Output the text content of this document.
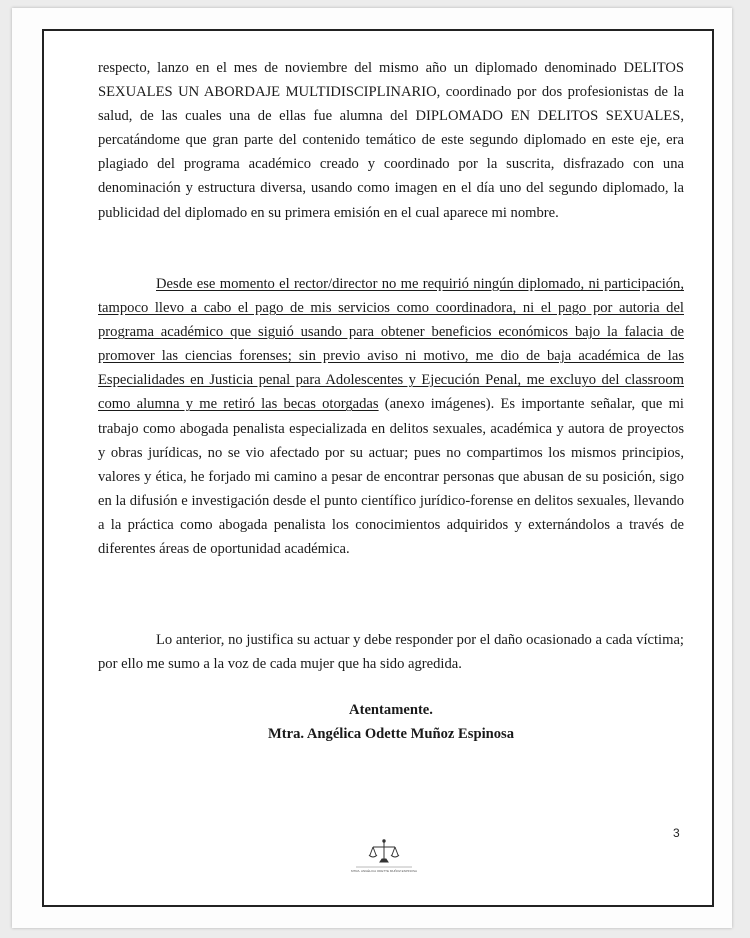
respecto, lanzo en el mes de noviembre del mismo año un diplomado denominado DELITOS SEXUALES UN ABORDAJE MULTIDISCIPLINARIO, coordinado por dos profesionistas de la salud, de las cuales una de ellas fue alumna del DIPLOMADO EN DELITOS SEXUALES, percatándome que gran parte del contenido temático de este segundo diplomado en este eje, era plagiado del programa académico creado y coordinado por la suscrita, disfrazado con una denominación y estructura diversa, usando como imagen en el día uno del segundo diplomado, la publicidad del diplomado en su primera emisión en el cual aparece mi nombre.

Desde ese momento el rector/director no me requirió ningún diplomado, ni participación, tampoco llevo a cabo el pago de mis servicios como coordinadora, ni el pago por autoria del programa académico que siguió usando para obtener beneficios económicos bajo la falacia de promover las ciencias forenses; sin previo aviso ni motivo, me dio de baja académica de las Especialidades en Justicia penal para Adolescentes y Ejecución Penal, me excluyo del classroom como alumna y me retiró las becas otorgadas (anexo imágenes). Es importante señalar, que mi trabajo como abogada penalista especializada en delitos sexuales, académica y autora de proyectos y obras jurídicas, no se vio afectado por su actuar; pues no compartimos los mismos principios, valores y ética, he forjado mi camino a pesar de encontrar personas que abusan de su posición, sigo en la difusión e investigación desde el punto científico jurídico-forense en delitos sexuales, llevando a la práctica como abogada penalista los conocimientos adquiridos y externándolos a través de diferentes áreas de oportunidad académica.

Lo anterior, no justifica su actuar y debe responder por el daño ocasionado a cada víctima; por ello me sumo a la voz de cada mujer que ha sido agredida.

Atentamente.

Mtra. Angélica Odette Muñoz Espinosa

3
MTRA. ANGÉLICA ODETTE MUÑOZ ESPINOSA
